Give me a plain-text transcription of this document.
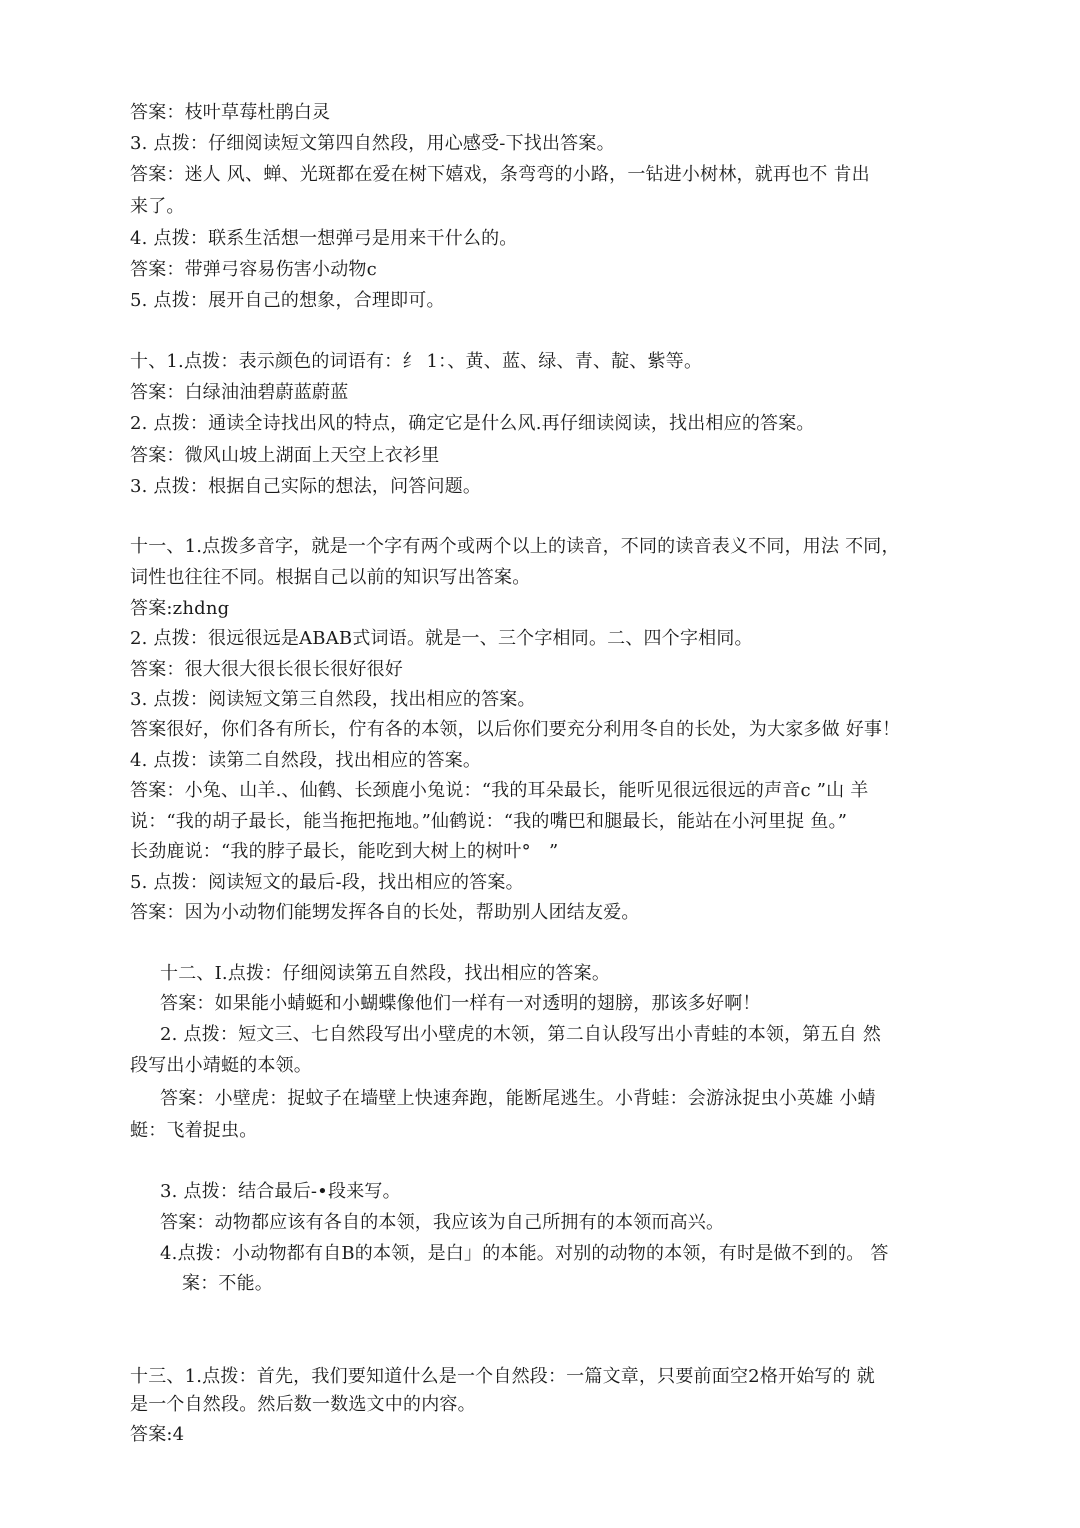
答案：枝叶草莓杜鹃白灵
3. 点拨：仔细阅读短文第四自然段，用心感受-下找出答案。
答案：迷人 风、蝉、光斑都在爱在树下嬉戏，条弯弯的小路，一钻进小树林，就再也不 肯出
来了。
4. 点拨：联系生活想一想弹弓是用来干什么的。
答案：带弹弓容易伤害小动物c
5. 点拨：展开自己的想象，合理即可。
十、1.点拨：表示颜色的词语有：纟 1：、黄、蓝、绿、青、靛、紫等。
答案：白绿油油碧蔚蓝蔚蓝
2. 点拨：通读全诗找出风的特点，确定它是什么风.再仔细读阅读，找出相应的答案。
答案：微风山坡上湖面上天空上衣衫里
3. 点拨：根据自己实际的想法，问答问题。
十一、1.点拨多音字，就是一个字有两个或两个以上的读音，不同的读音表义不同，用法 不同，
词性也往往不同。根据自己以前的知识写出答案。
答案:zhdng
2. 点拨：很远很远是ABAB式词语。就是一、三个字相同。二、四个字相同。
答案：很大很大很长很长很好很好
3. 点拨：阅读短文第三自然段，找出相应的答案。
答案很好，你们各有所长，佇有各的本领，以后你们要充分利用冬自的长处，为大家多做 好事！
4. 点拨：读第二自然段，找出相应的答案。
答案：小兔、山羊.、仙鹤、长颈鹿小兔说：“我的耳朵最长，能听见很远很远的声音c ”山 羊
说：“我的胡子最长，能当拖把拖地。”仙鹤说：“我的嘴巴和腿最长，能站在小河里捉 鱼。”
长劲鹿说：“我的脖子最长，能吃到大树上的树叶°　”
5. 点拨：阅读短文的最后-段，找出相应的答案。
答案：因为小动物们能甥发挥各自的长处，帮助别人团结友爱。
十二、I.点拨：仔细阅读第五自然段，找出相应的答案。
答案：如果能小蜻蜓和小蝴蝶像他们一样有一对透明的翅膀，那该多好啊！
2. 点拨：短文三、七自然段写出小壁虎的木领，第二自认段写出小青蛙的本领，第五自 然
段写出小靖蜓的本领。
答案：小壁虎：捉蚊子在墙壁上快速奔跑，能断尾逃生。小背蛙：会游泳捉虫小英雄 小蜻
蜓：飞着捉虫。
3. 点拨：结合最后-•段来写。
答案：动物都应该有各自的本领，我应该为自己所拥有的本领而高兴。
4.点拨：小动物都有自B的本领，是白」的本能。对别的动物的本领，有时是做不到的。 答
案：不能。
十三、1.点拨：首先，我们要知道什么是一个自然段：一篇文章，只要前面空2格开始写的 就
是一个自然段。然后数一数选文中的内容。
答案:4
